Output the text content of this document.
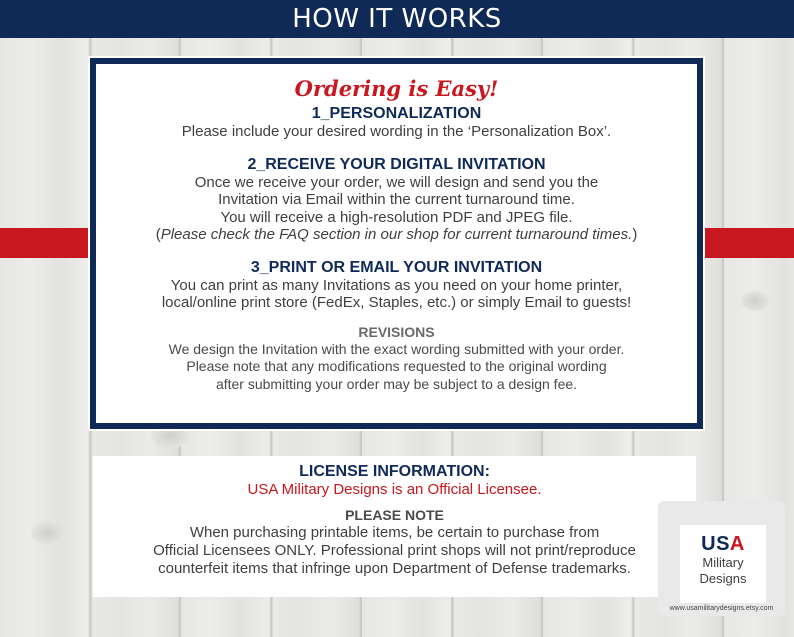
HOW IT WORKS
Ordering is Easy!
1_PERSONALIZATION
Please include your desired wording in the ‘Personalization Box’.
2_RECEIVE YOUR DIGITAL INVITATION
Once we receive your order, we will design and send you the
Invitation via Email within the current turnaround time.
You will receive a high-resolution PDF and JPEG file.
(Please check the FAQ section in our shop for current turnaround times.)
3_PRINT OR EMAIL YOUR INVITATION
You can print as many Invitations as you need on your home printer,
local/online print store (FedEx, Staples, etc.) or simply Email to guests!
REVISIONS
We design the Invitation with the exact wording submitted with your order.
Please note that any modifications requested to the original wording
after submitting your order may be subject to a design fee.
LICENSE INFORMATION:
USA Military Designs is an Official Licensee.
PLEASE NOTE
When purchasing printable items, be certain to purchase from
Official Licensees ONLY. Professional print shops will not print/reproduce
counterfeit items that infringe upon Department of Defense trademarks.
USA
Military
Designs
www.usamilitarydesigns.etsy.com
